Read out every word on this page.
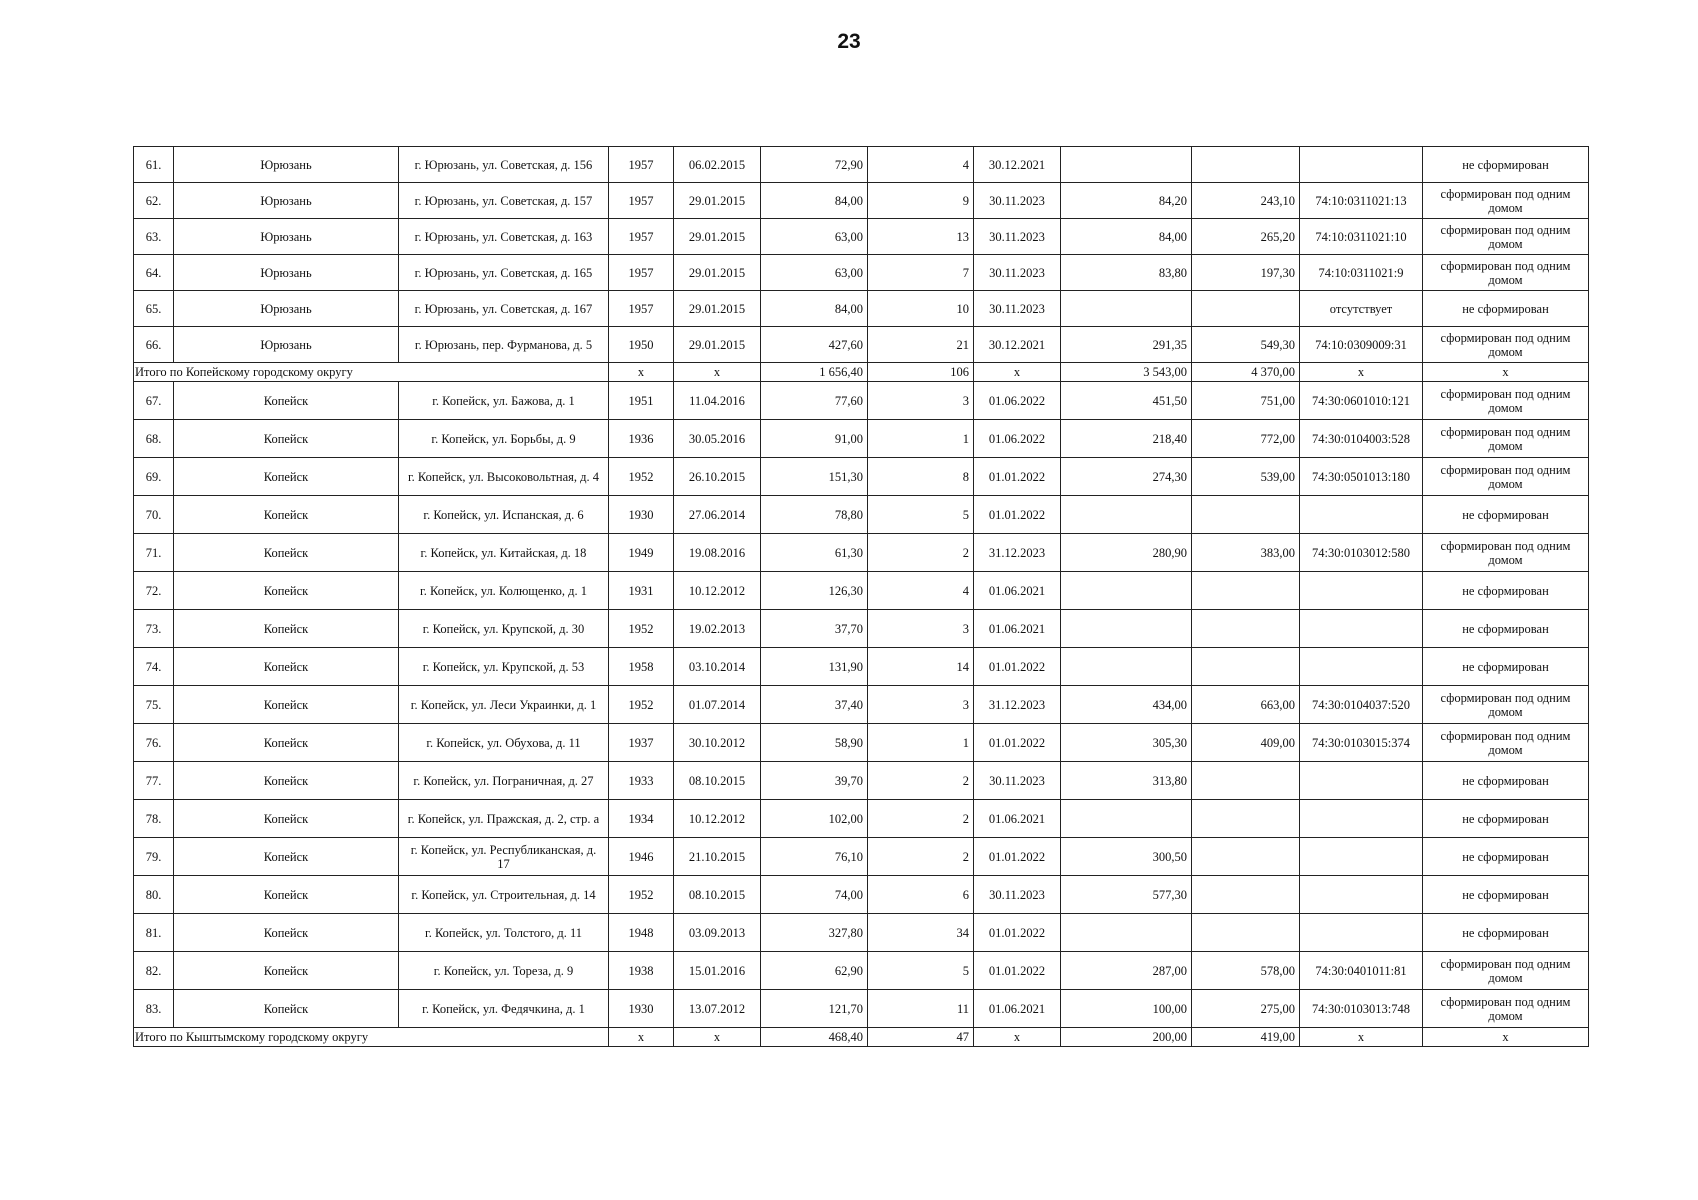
23
61.	Юрюзань	г. Юрюзань, ул. Советская, д. 156	1957	06.02.2015	72,90	4	30.12.2021				не сформирован
62.	Юрюзань	г. Юрюзань, ул. Советская, д. 157	1957	29.01.2015	84,00	9	30.11.2023	84,20	243,10	74:10:0311021:13	сформирован под одним домом
63.	Юрюзань	г. Юрюзань, ул. Советская, д. 163	1957	29.01.2015	63,00	13	30.11.2023	84,00	265,20	74:10:0311021:10	сформирован под одним домом
64.	Юрюзань	г. Юрюзань, ул. Советская, д. 165	1957	29.01.2015	63,00	7	30.11.2023	83,80	197,30	74:10:0311021:9	сформирован под одним домом
65.	Юрюзань	г. Юрюзань, ул. Советская, д. 167	1957	29.01.2015	84,00	10	30.11.2023			отсутствует	не сформирован
66.	Юрюзань	г. Юрюзань, пер. Фурманова, д. 5	1950	29.01.2015	427,60	21	30.12.2021	291,35	549,30	74:10:0309009:31	сформирован под одним домом
Итого по Копейскому городскому округу			х	х	1 656,40	106	х	3 543,00	4 370,00	х	х
67.	Копейск	г. Копейск, ул. Бажова, д. 1	1951	11.04.2016	77,60	3	01.06.2022	451,50	751,00	74:30:0601010:121	сформирован под одним домом
68.	Копейск	г. Копейск, ул. Борьбы, д. 9	1936	30.05.2016	91,00	1	01.06.2022	218,40	772,00	74:30:0104003:528	сформирован под одним домом
69.	Копейск	г. Копейск, ул. Высоковольтная, д. 4	1952	26.10.2015	151,30	8	01.01.2022	274,30	539,00	74:30:0501013:180	сформирован под одним домом
70.	Копейск	г. Копейск, ул. Испанская, д. 6	1930	27.06.2014	78,80	5	01.01.2022				не сформирован
71.	Копейск	г. Копейск, ул. Китайская, д. 18	1949	19.08.2016	61,30	2	31.12.2023	280,90	383,00	74:30:0103012:580	сформирован под одним домом
72.	Копейск	г. Копейск, ул. Колющенко, д. 1	1931	10.12.2012	126,30	4	01.06.2021				не сформирован
73.	Копейск	г. Копейск, ул. Крупской, д. 30	1952	19.02.2013	37,70	3	01.06.2021				не сформирован
74.	Копейск	г. Копейск, ул. Крупской, д. 53	1958	03.10.2014	131,90	14	01.01.2022				не сформирован
75.	Копейск	г. Копейск, ул. Леси Украинки, д. 1	1952	01.07.2014	37,40	3	31.12.2023	434,00	663,00	74:30:0104037:520	сформирован под одним домом
76.	Копейск	г. Копейск, ул. Обухова, д. 11	1937	30.10.2012	58,90	1	01.01.2022	305,30	409,00	74:30:0103015:374	сформирован под одним домом
77.	Копейск	г. Копейск, ул. Пограничная, д. 27	1933	08.10.2015	39,70	2	30.11.2023	313,80			не сформирован
78.	Копейск	г. Копейск, ул. Пражская, д. 2, стр. а	1934	10.12.2012	102,00	2	01.06.2021				не сформирован
79.	Копейск	г. Копейск, ул. Республиканская, д. 17	1946	21.10.2015	76,10	2	01.01.2022	300,50			не сформирован
80.	Копейск	г. Копейск, ул. Строительная, д. 14	1952	08.10.2015	74,00	6	30.11.2023	577,30			не сформирован
81.	Копейск	г. Копейск, ул. Толстого, д. 11	1948	03.09.2013	327,80	34	01.01.2022				не сформирован
82.	Копейск	г. Копейск, ул. Тореза, д. 9	1938	15.01.2016	62,90	5	01.01.2022	287,00	578,00	74:30:0401011:81	сформирован под одним домом
83.	Копейск	г. Копейск, ул. Федячкина, д. 1	1930	13.07.2012	121,70	11	01.06.2021	100,00	275,00	74:30:0103013:748	сформирован под одним домом
Итого по Кыштымскому городскому округу			х	х	468,40	47	х	200,00	419,00	х	х
